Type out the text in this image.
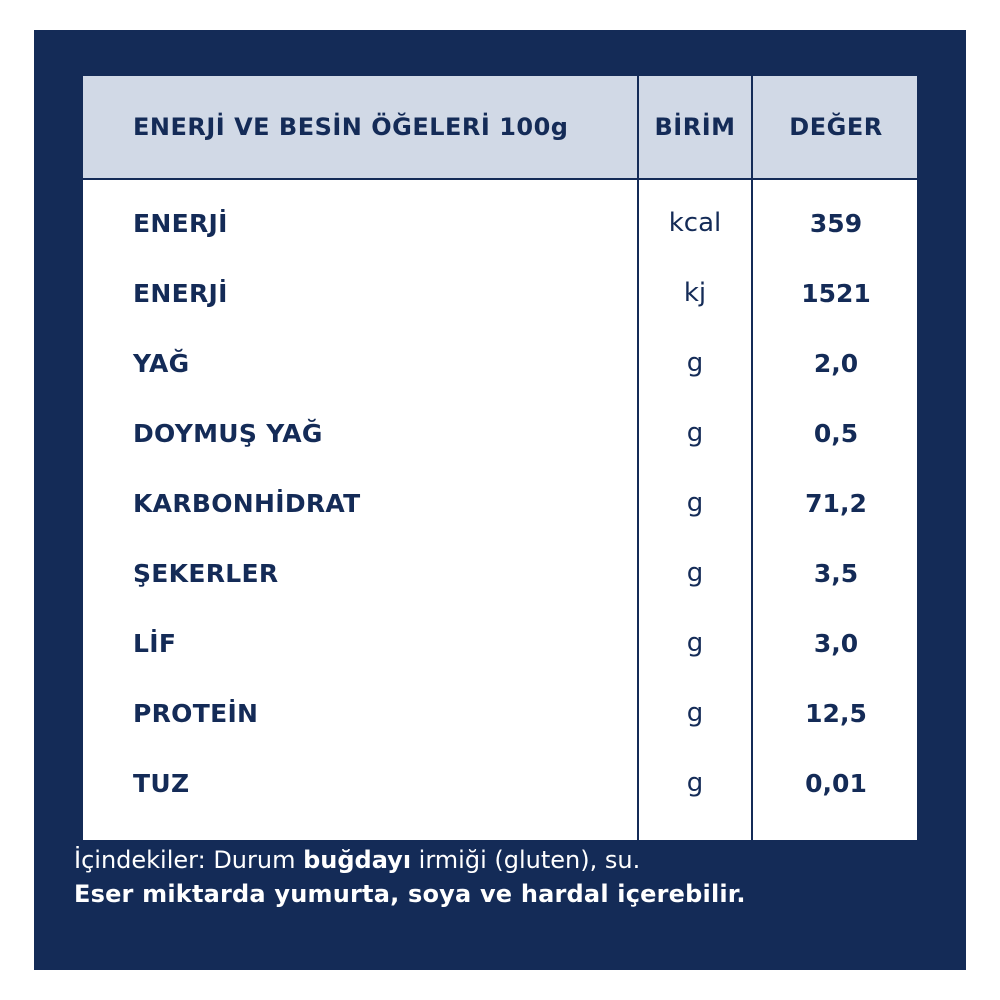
ENERJİ VE BESİN ÖĞELERİ 100g	BİRİM	DEĞER
ENERJİ	kcal	359
ENERJİ	kj	1521
YAĞ	g	2,0
DOYMUŞ YAĞ	g	0,5
KARBONHİDRAT	g	71,2
ŞEKERLER	g	3,5
LİF	g	3,0
PROTEİN	g	12,5
TUZ	g	0,01
İçindekiler: Durum buğdayı irmiği (gluten), su.
Eser miktarda yumurta, soya ve hardal içerebilir.
